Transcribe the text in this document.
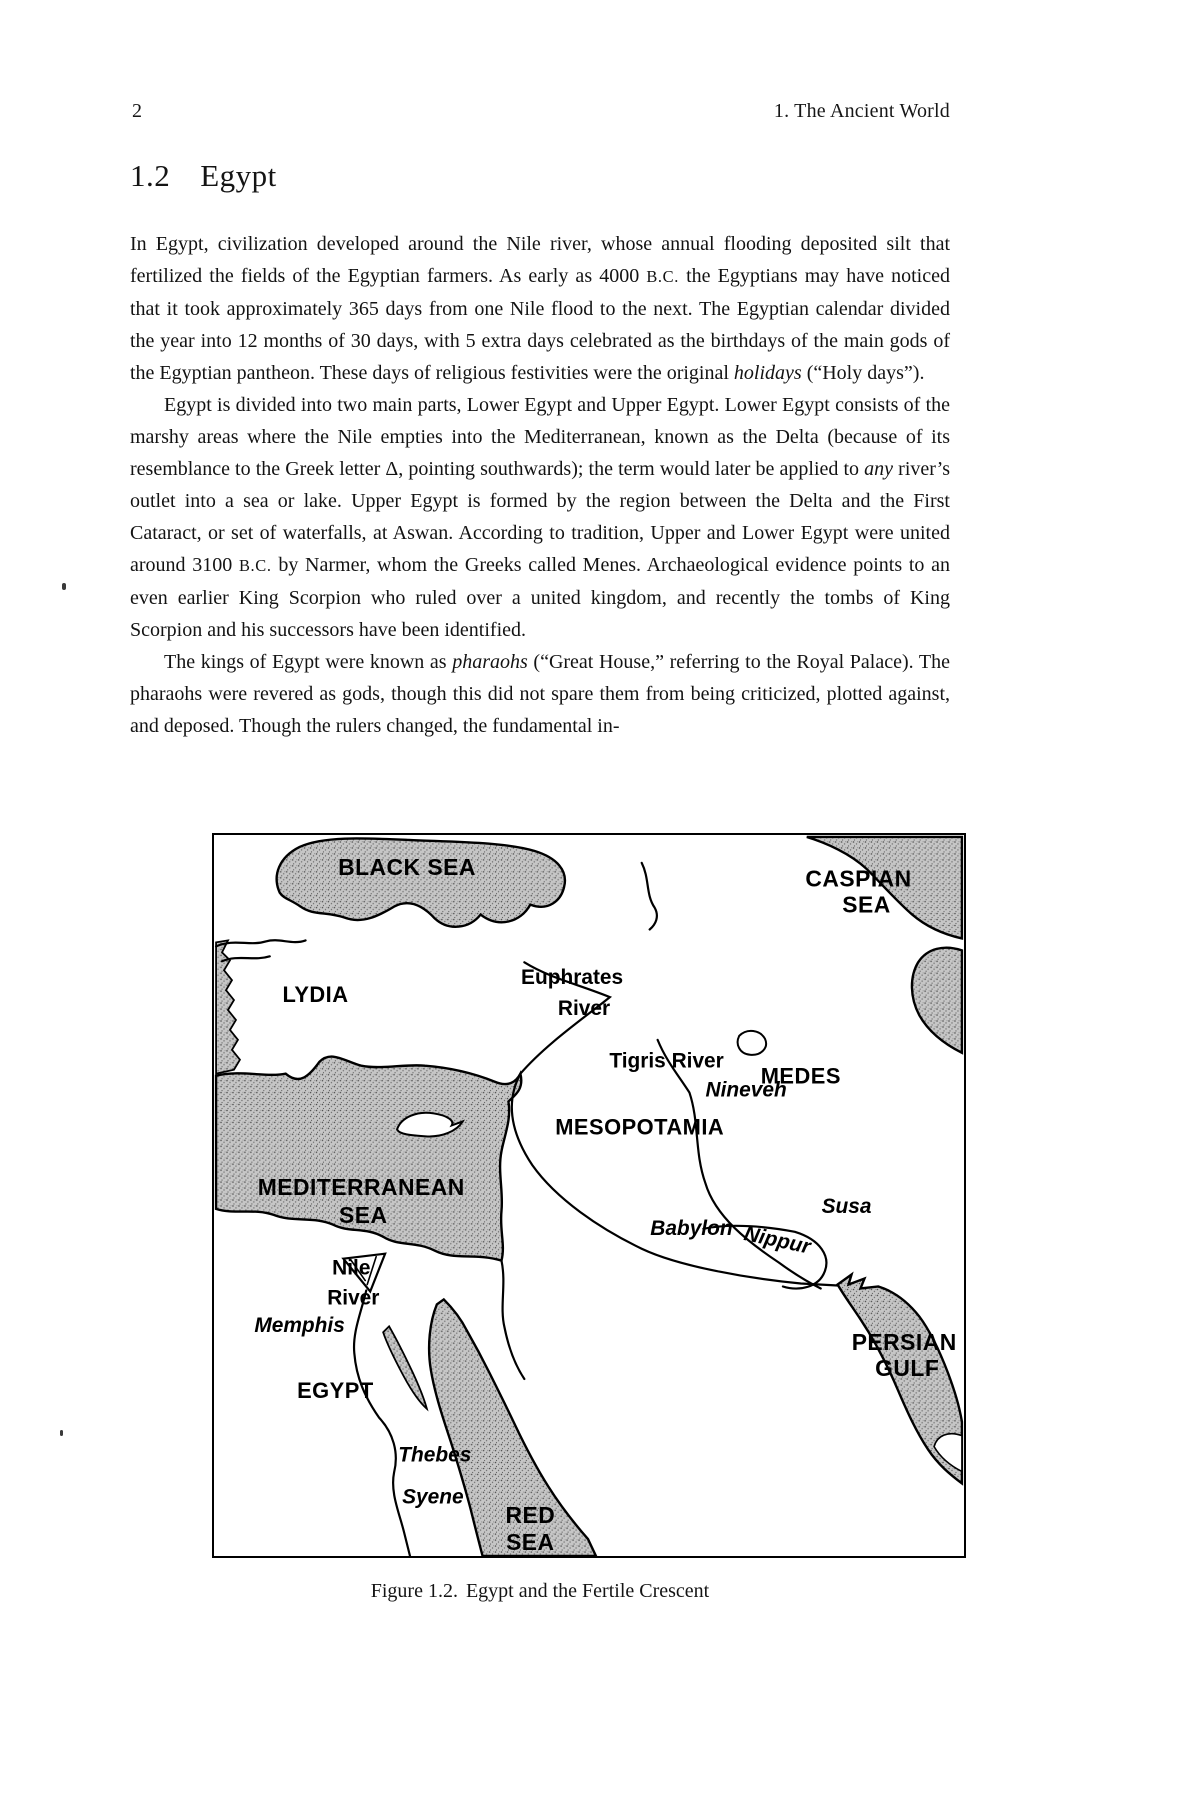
2	1. The Ancient World
1.2 Egypt

In Egypt, civilization developed around the Nile river, whose annual flooding deposited silt that fertilized the fields of the Egyptian farmers. As early as 4000 B.C. the Egyptians may have noticed that it took approximately 365 days from one Nile flood to the next. The Egyptian calendar divided the year into 12 months of 30 days, with 5 extra days celebrated as the birthdays of the main gods of the Egyptian pantheon. These days of religious festivities were the original holidays (“Holy days”).

Egypt is divided into two main parts, Lower Egypt and Upper Egypt. Lower Egypt consists of the marshy areas where the Nile empties into the Mediterranean, known as the Delta (because of its resemblance to the Greek letter Δ, pointing southwards); the term would later be applied to any river’s outlet into a sea or lake. Upper Egypt is formed by the region between the Delta and the First Cataract, or set of waterfalls, at Aswan. According to tradition, Upper and Lower Egypt were united around 3100 B.C. by Narmer, whom the Greeks called Menes. Archaeological evidence points to an even earlier King Scorpion who ruled over a united kingdom, and recently the tombs of King Scorpion and his successors have been identified.

The kings of Egypt were known as pharaohs (“Great House,” referring to the Royal Palace). The pharaohs were revered as gods, though this did not spare them from being criticized, plotted against, and deposed. Though the rulers changed, the fundamental in-

BLACK SEA	CASPIAN
SEA
LYDIA
Euphrates
River
Tigris River
Nineveh
MEDES
MESOPOTAMIA
Babylon Nippur
Susa
MEDITERRANEAN
SEA
Nile
River
Memphis
EGYPT
Thebes
Syene
RED
SEA
PERSIAN
GULF
Figure 1.2. Egypt and the Fertile Crescent
